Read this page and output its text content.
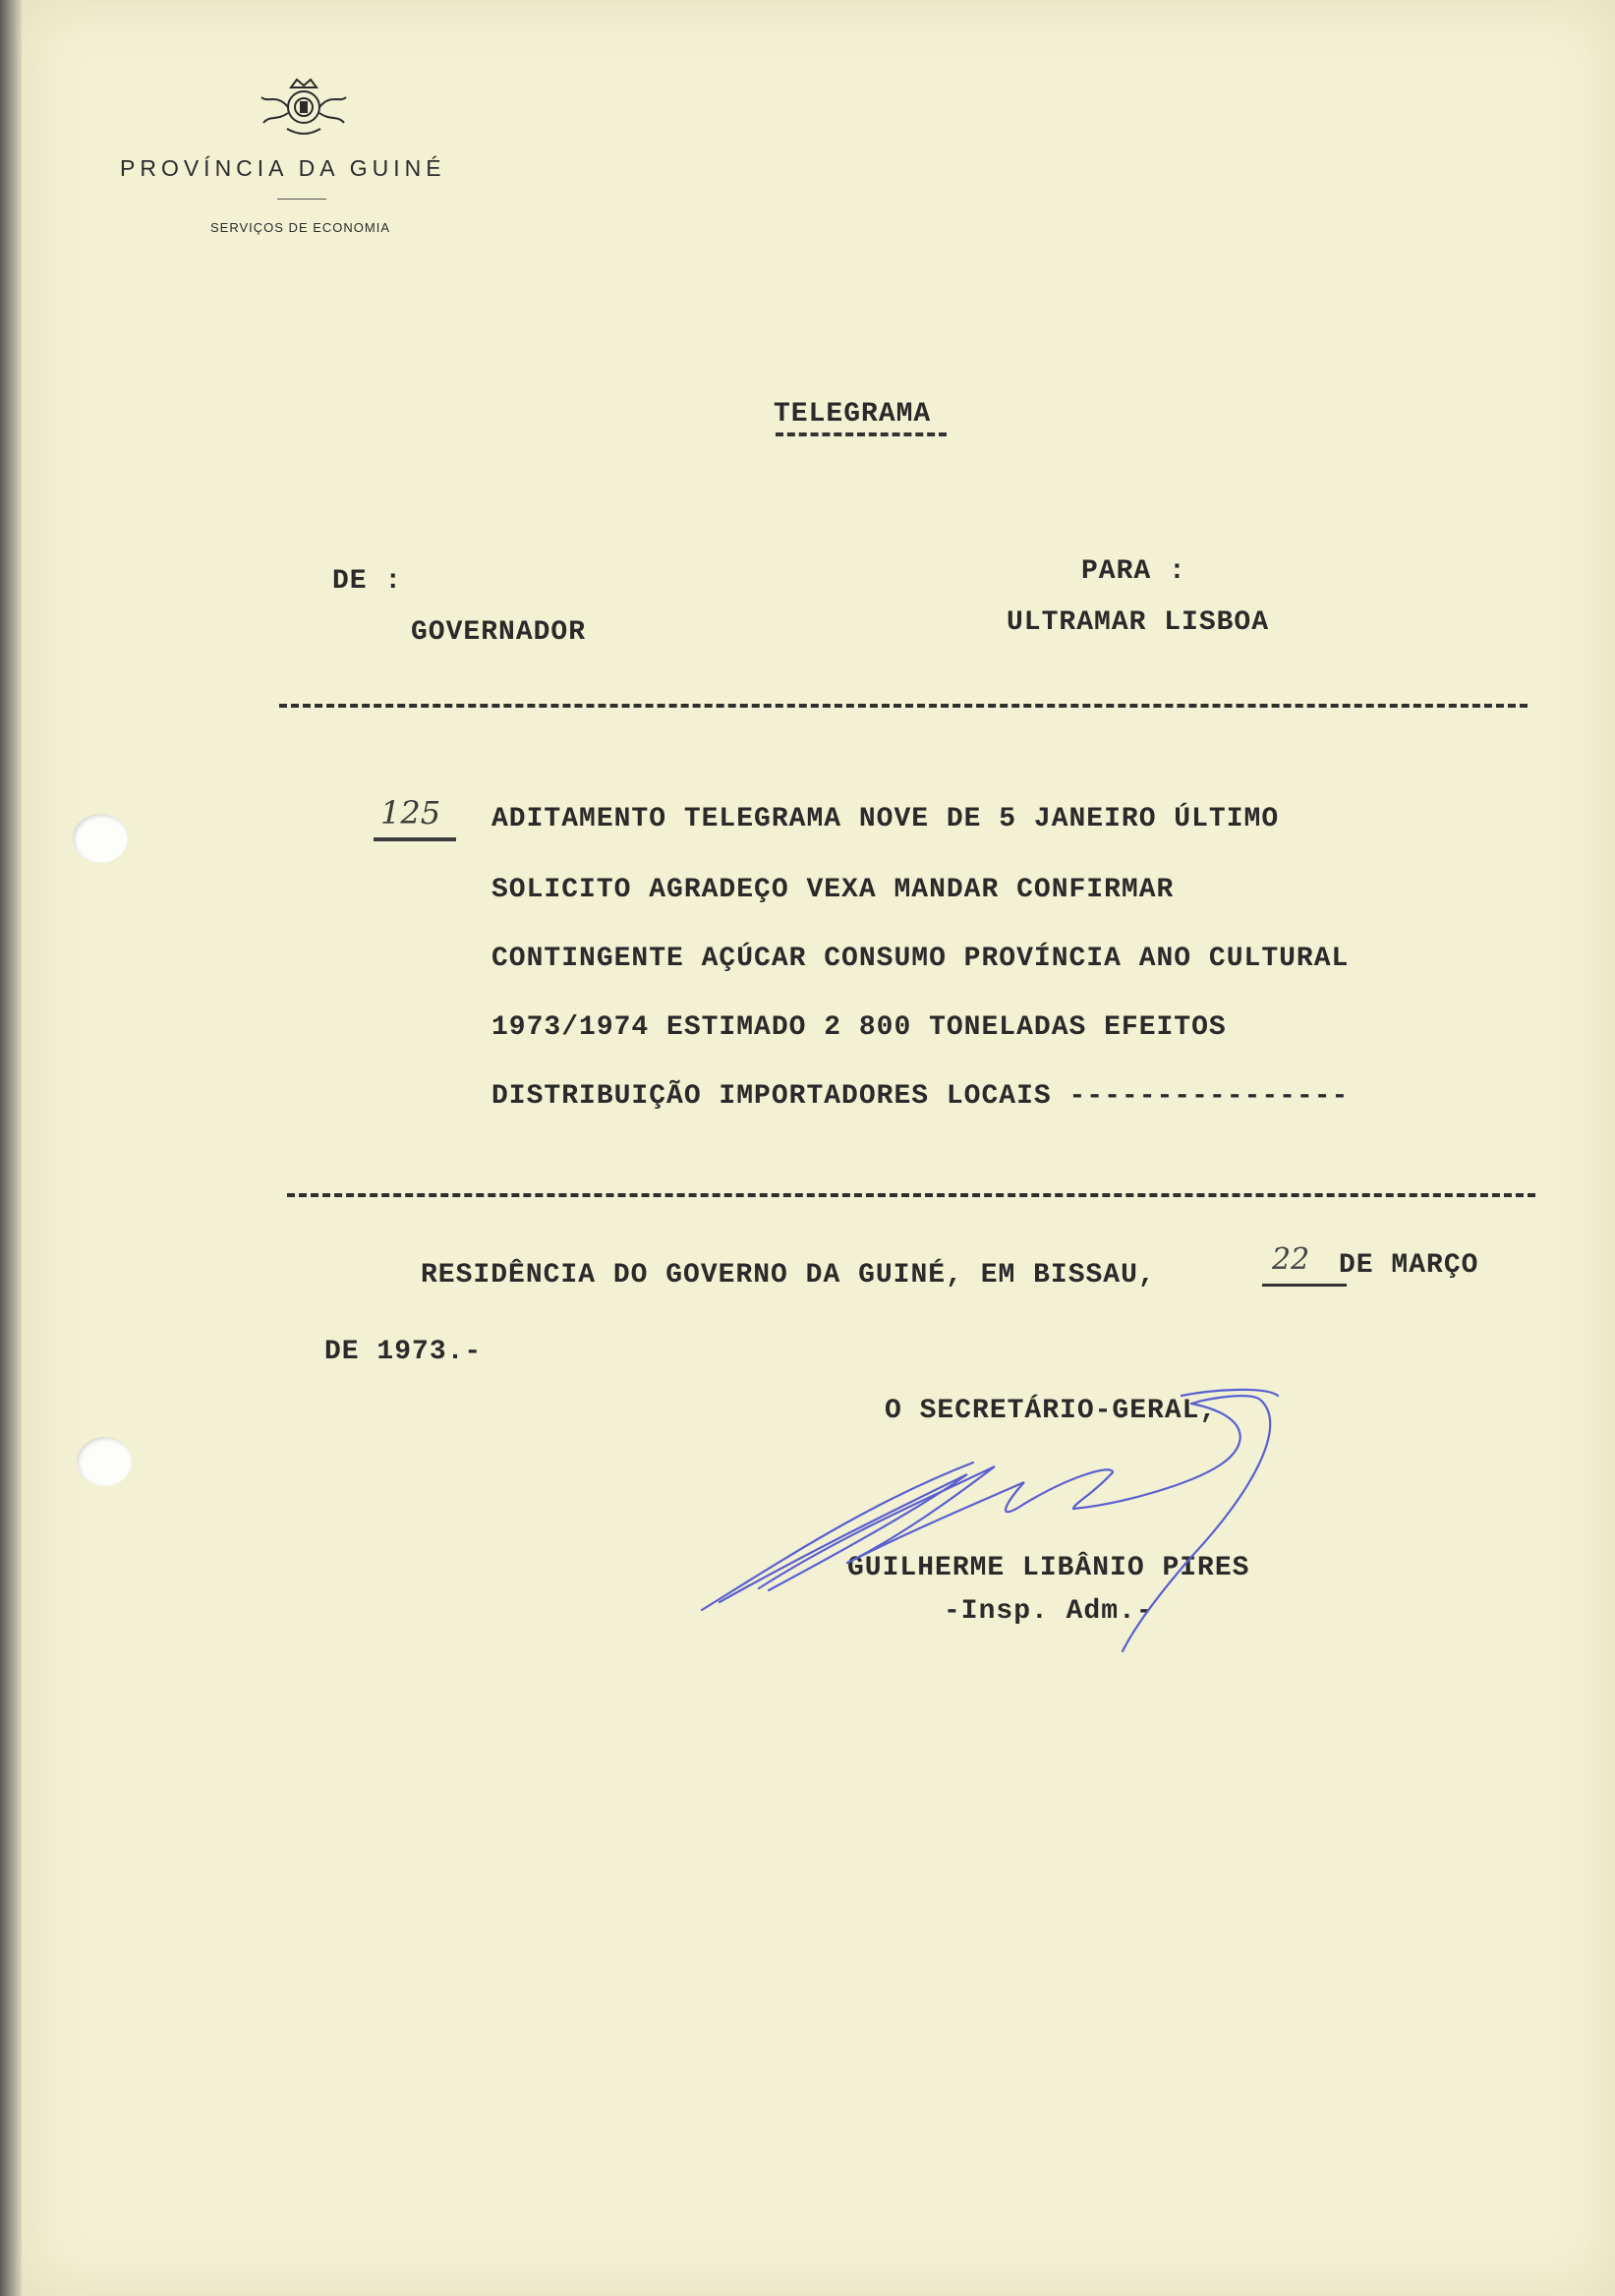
PROVÍNCIA DA GUINÉ
SERVIÇOS DE ECONOMIA
TELEGRAMA
DE :
GOVERNADOR
PARA :
ULTRAMAR LISBOA
125 ADITAMENTO TELEGRAMA NOVE DE 5 JANEIRO ÚLTIMO
SOLICITO AGRADEÇO VEXA MANDAR CONFIRMAR
CONTINGENTE AÇÚCAR CONSUMO PROVÍNCIA ANO CULTURAL
1973/1974 ESTIMADO 2 800 TONELADAS EFEITOS
DISTRIBUIÇÃO IMPORTADORES LOCAIS ----------------
RESIDÊNCIA DO GOVERNO DA GUINÉ, EM BISSAU,	22 DE MARÇO
DE 1973.-
O SECRETÁRIO-GERAL,
GUILHERME LIBÂNIO PIRES
-Insp. Adm.-
